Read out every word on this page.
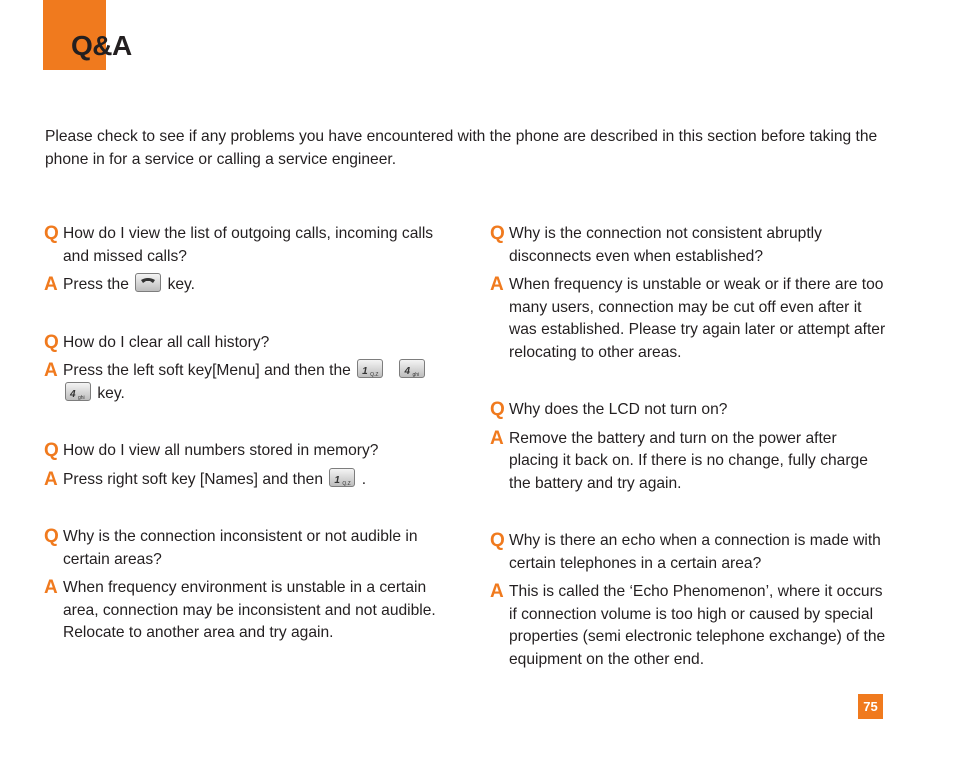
Q&A

Please check to see if any problems you have encountered with the phone are described in this section before taking the phone in for a service or calling a service engineer.

Q How do I view the list of outgoing calls, incoming calls and missed calls?

A Press the key.

Q How do I clear all call history?

A Press the left soft key[Menu] and then the 1 Q.Z
	4 ghi

4 ghi key.

Q How do I view all numbers stored in memory?

A Press right soft key [Names] and then 1 Q.Z .

Q Why is the connection inconsistent or not audible in certain areas?

A When frequency environment is unstable in a certain area, connection may be inconsistent and not audible. Relocate to another area and try again.

Q Why is the connection not consistent abruptly disconnects even when established?

A When frequency is unstable or weak or if there are too many users, connection may be cut off even after it was established. Please try again later or attempt after relocating to other areas.

Q Why does the LCD not turn on?

A Remove the battery and turn on the power after placing it back on. If there is no change, fully charge the battery and try again.

Q Why is there an echo when a connection is made with certain telephones in a certain area?

A This is called the ‘Echo Phenomenon’, where it occurs if connection volume is too high or caused by special properties (semi electronic telephone exchange) of the equipment on the other end.

75
